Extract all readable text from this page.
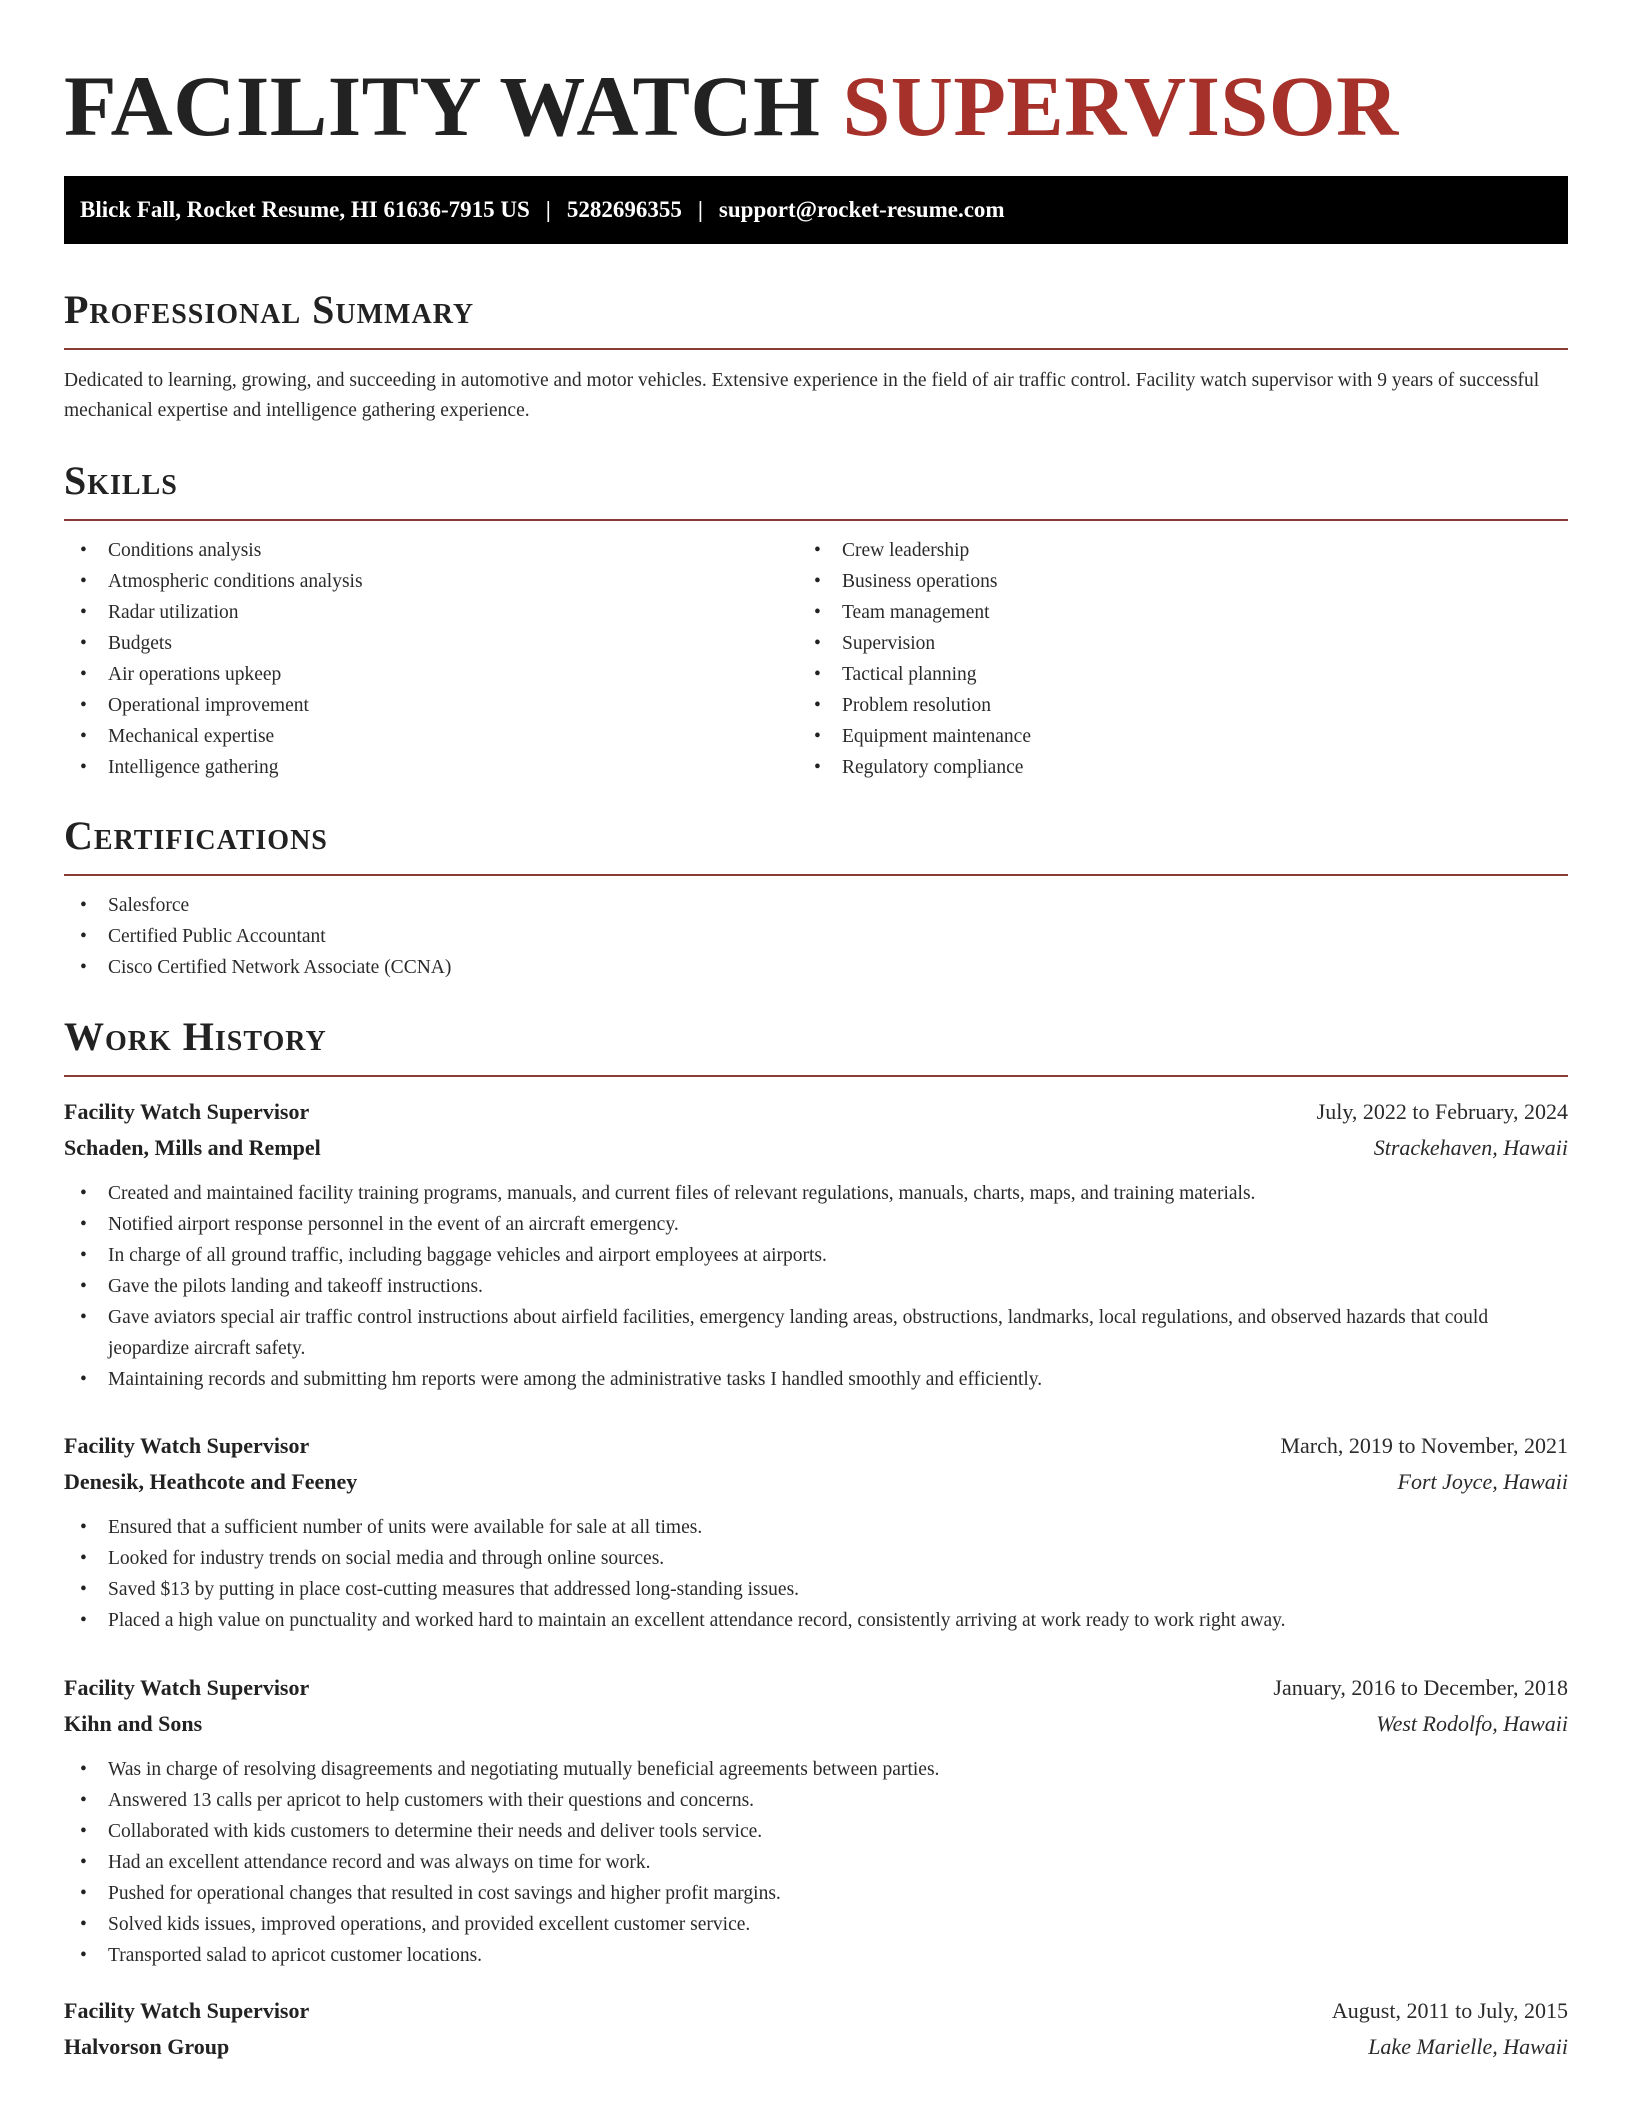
FACILITY WATCH SUPERVISOR
Blick Fall, Rocket Resume, HI 61636-7915 US | 5282696355 | support@rocket-resume.com
Professional Summary

Dedicated to learning, growing, and succeeding in automotive and motor vehicles. Extensive experience in the field of air traffic control. Facility watch supervisor with 9 years of successful mechanical expertise and intelligence gathering experience.

Skills
• Conditions analysis
• Atmospheric conditions analysis
• Radar utilization
• Budgets
• Air operations upkeep
• Operational improvement
• Mechanical expertise
• Intelligence gathering
• Crew leadership
• Business operations
• Team management
• Supervision
• Tactical planning
• Problem resolution
• Equipment maintenance
• Regulatory compliance
Certifications
• Salesforce
• Certified Public Accountant
• Cisco Certified Network Associate (CCNA)
Work History
Facility Watch Supervisor	July, 2022 to February, 2024
Schaden, Mills and Rempel	Strackehaven, Hawaii
• Created and maintained facility training programs, manuals, and current files of relevant regulations, manuals, charts, maps, and training materials.
• Notified airport response personnel in the event of an aircraft emergency.
• In charge of all ground traffic, including baggage vehicles and airport employees at airports.
• Gave the pilots landing and takeoff instructions.
• Gave aviators special air traffic control instructions about airfield facilities, emergency landing areas, obstructions, landmarks, local regulations, and observed hazards that could jeopardize aircraft safety.
• Maintaining records and submitting hm reports were among the administrative tasks I handled smoothly and efficiently.
Facility Watch Supervisor	March, 2019 to November, 2021
Denesik, Heathcote and Feeney	Fort Joyce, Hawaii
• Ensured that a sufficient number of units were available for sale at all times.
• Looked for industry trends on social media and through online sources.
• Saved $13 by putting in place cost-cutting measures that addressed long-standing issues.
• Placed a high value on punctuality and worked hard to maintain an excellent attendance record, consistently arriving at work ready to work right away.
Facility Watch Supervisor	January, 2016 to December, 2018
Kihn and Sons	West Rodolfo, Hawaii
• Was in charge of resolving disagreements and negotiating mutually beneficial agreements between parties.
• Answered 13 calls per apricot to help customers with their questions and concerns.
• Collaborated with kids customers to determine their needs and deliver tools service.
• Had an excellent attendance record and was always on time for work.
• Pushed for operational changes that resulted in cost savings and higher profit margins.
• Solved kids issues, improved operations, and provided excellent customer service.
• Transported salad to apricot customer locations.
Facility Watch Supervisor	August, 2011 to July, 2015
Halvorson Group	Lake Marielle, Hawaii
